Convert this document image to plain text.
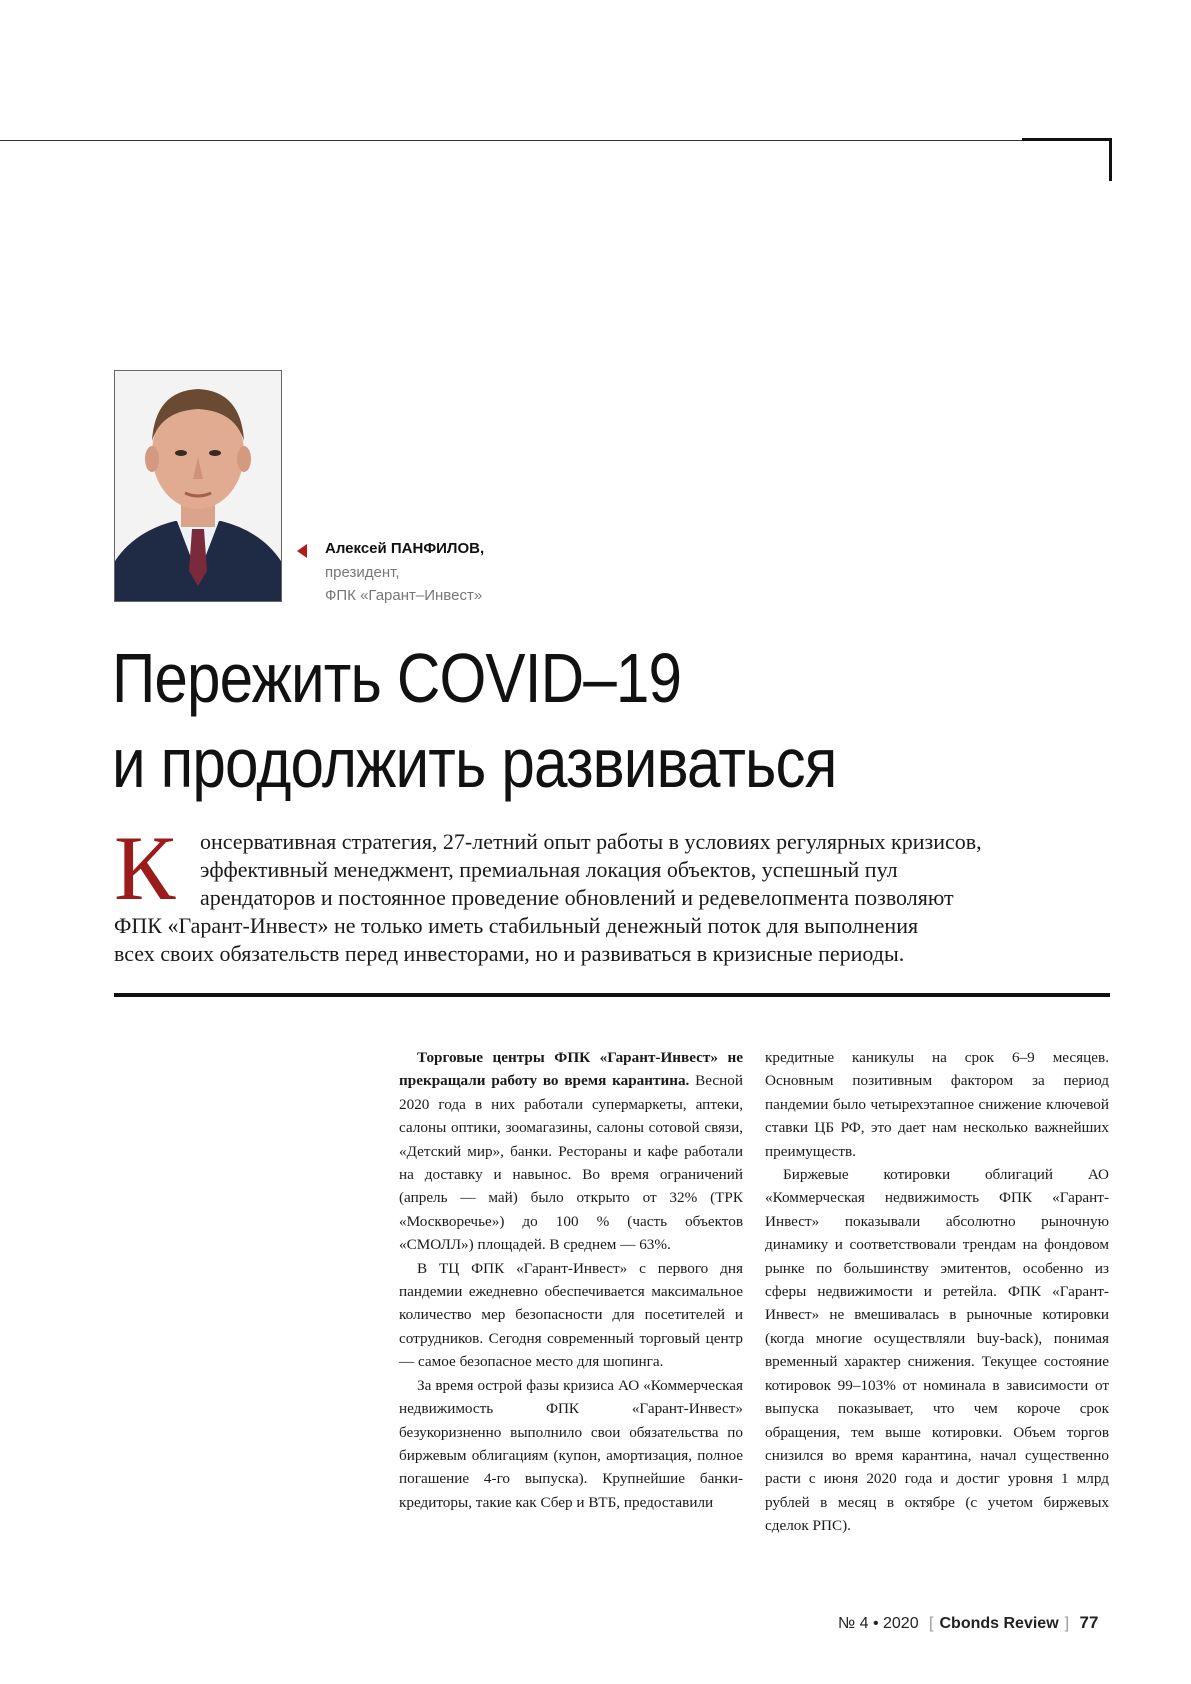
Алексей ПАНФИЛОВ,
президент,
ФПК «Гарант–Инвест»
Пережить COVID–19
и продолжить развиваться
К онсервативная стратегия, 27-летний опыт работы в условиях регулярных кризисов,
эффективный менеджмент, премиальная локация объектов, успешный пул
арендаторов и постоянное проведение обновлений и редевелопмента позволяют
ФПК «Гарант-Инвест» не только иметь стабильный денежный поток для выполнения
всех своих обязательств перед инвесторами, но и развиваться в кризисные периоды.

Торговые центры ФПК «Гарант-Инвест» не прекращали работу во время карантина. Весной 2020 года в них работали супермаркеты, аптеки, салоны оптики, зоомагазины, салоны сотовой связи, «Детский мир», банки. Рестораны и кафе работали на доставку и навынос. Во время ограничений (апрель — май) было открыто от 32% (ТРК «Москворечье») до 100 % (часть объектов «СМОЛЛ») площадей. В среднем — 63%.

В ТЦ ФПК «Гарант-Инвест» с первого дня пандемии ежедневно обеспечивается максимальное количество мер безопасности для посетителей и сотрудников. Сегодня современный торговый центр — самое безопасное место для шопинга.

За время острой фазы кризиса АО «Коммерческая недвижимость ФПК «Гарант-Инвест» безукоризненно выполнило свои обязательства по биржевым облигациям (купон, амортизация, полное погашение 4-го выпуска). Крупнейшие банки-кредиторы, такие как Сбер и ВТБ, предоставили

кредитные каникулы на срок 6–9 месяцев. Основным позитивным фактором за период пандемии было четырехэтапное снижение ключевой ставки ЦБ РФ, это дает нам несколько важнейших преимуществ.

Биржевые котировки облигаций АО «Коммерческая недвижимость ФПК «Гарант-Инвест» показывали абсолютно рыночную динамику и соответствовали трендам на фондовом рынке по большинству эмитентов, особенно из сферы недвижимости и ретейла. ФПК «Гарант-Инвест» не вмешивалась в рыночные котировки (когда многие осуществляли buy-back), понимая временный характер снижения. Текущее состояние котировок 99–103% от номинала в зависимости от выпуска показывает, что чем короче срок обращения, тем выше котировки. Объем торгов снизился во время карантина, начал существенно расти с июня 2020 года и достиг уровня 1 млрд рублей в месяц в октябре (с учетом биржевых сделок РПС).

№ 4 • 2020 [ Cbonds Review ] 77
